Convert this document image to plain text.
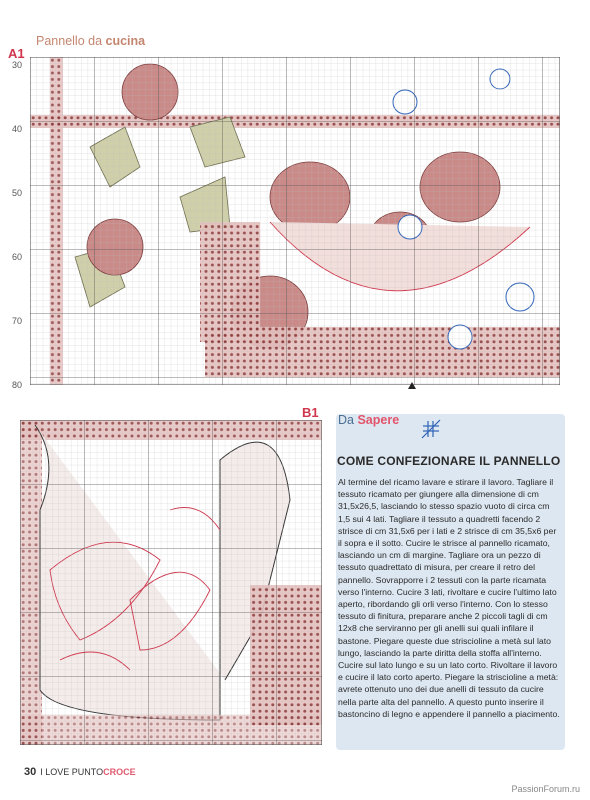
Pannello da cucina
A1
30
40
50
60
70
80
B1 Da Sapere
COME CONFEZIONARE IL PANNELLO
Al termine del ricamo lavare e stirare il lavoro. Tagliare il tessuto ricamato per giungere alla dimensione di cm 31,5x26,5, lasciando lo stesso spazio vuoto di circa cm 1,5 sui 4 lati. Tagliare il tessuto a quadretti facendo 2 strisce di cm 31,5x6 per i lati e 2 strisce di cm 35,5x6 per il sopra e il sotto. Cucire le strisce al pannello ricamato, lasciando un cm di margine. Tagliare ora un pezzo di tessuto quadrettato di misura, per creare il retro del pannello. Sovrapporre i 2 tessuti con la parte ricamata verso l'interno. Cucire 3 lati, rivoltare e cucire l'ultimo lato aperto, ribordando gli orli verso l'interno. Con lo stesso tessuto di finitura, preparare anche 2 piccoli tagli di cm 12x8 che serviranno per gli anelli sui quali infilare il bastone. Piegare queste due striscioline a metà sul lato lungo, lasciando la parte diritta della stoffa all'interno. Cucire sul lato lungo e su un lato corto. Rivoltare il lavoro e cucire il lato corto aperto. Piegare la striscioline a metà: avrete ottenuto uno dei due anelli di tessuto da cucire nella parte alta del pannello. A questo punto inserire il bastoncino di legno e appendere il pannello a piacimento.
30 I LOVE PUNTOCROCE
PassionForum.ru
